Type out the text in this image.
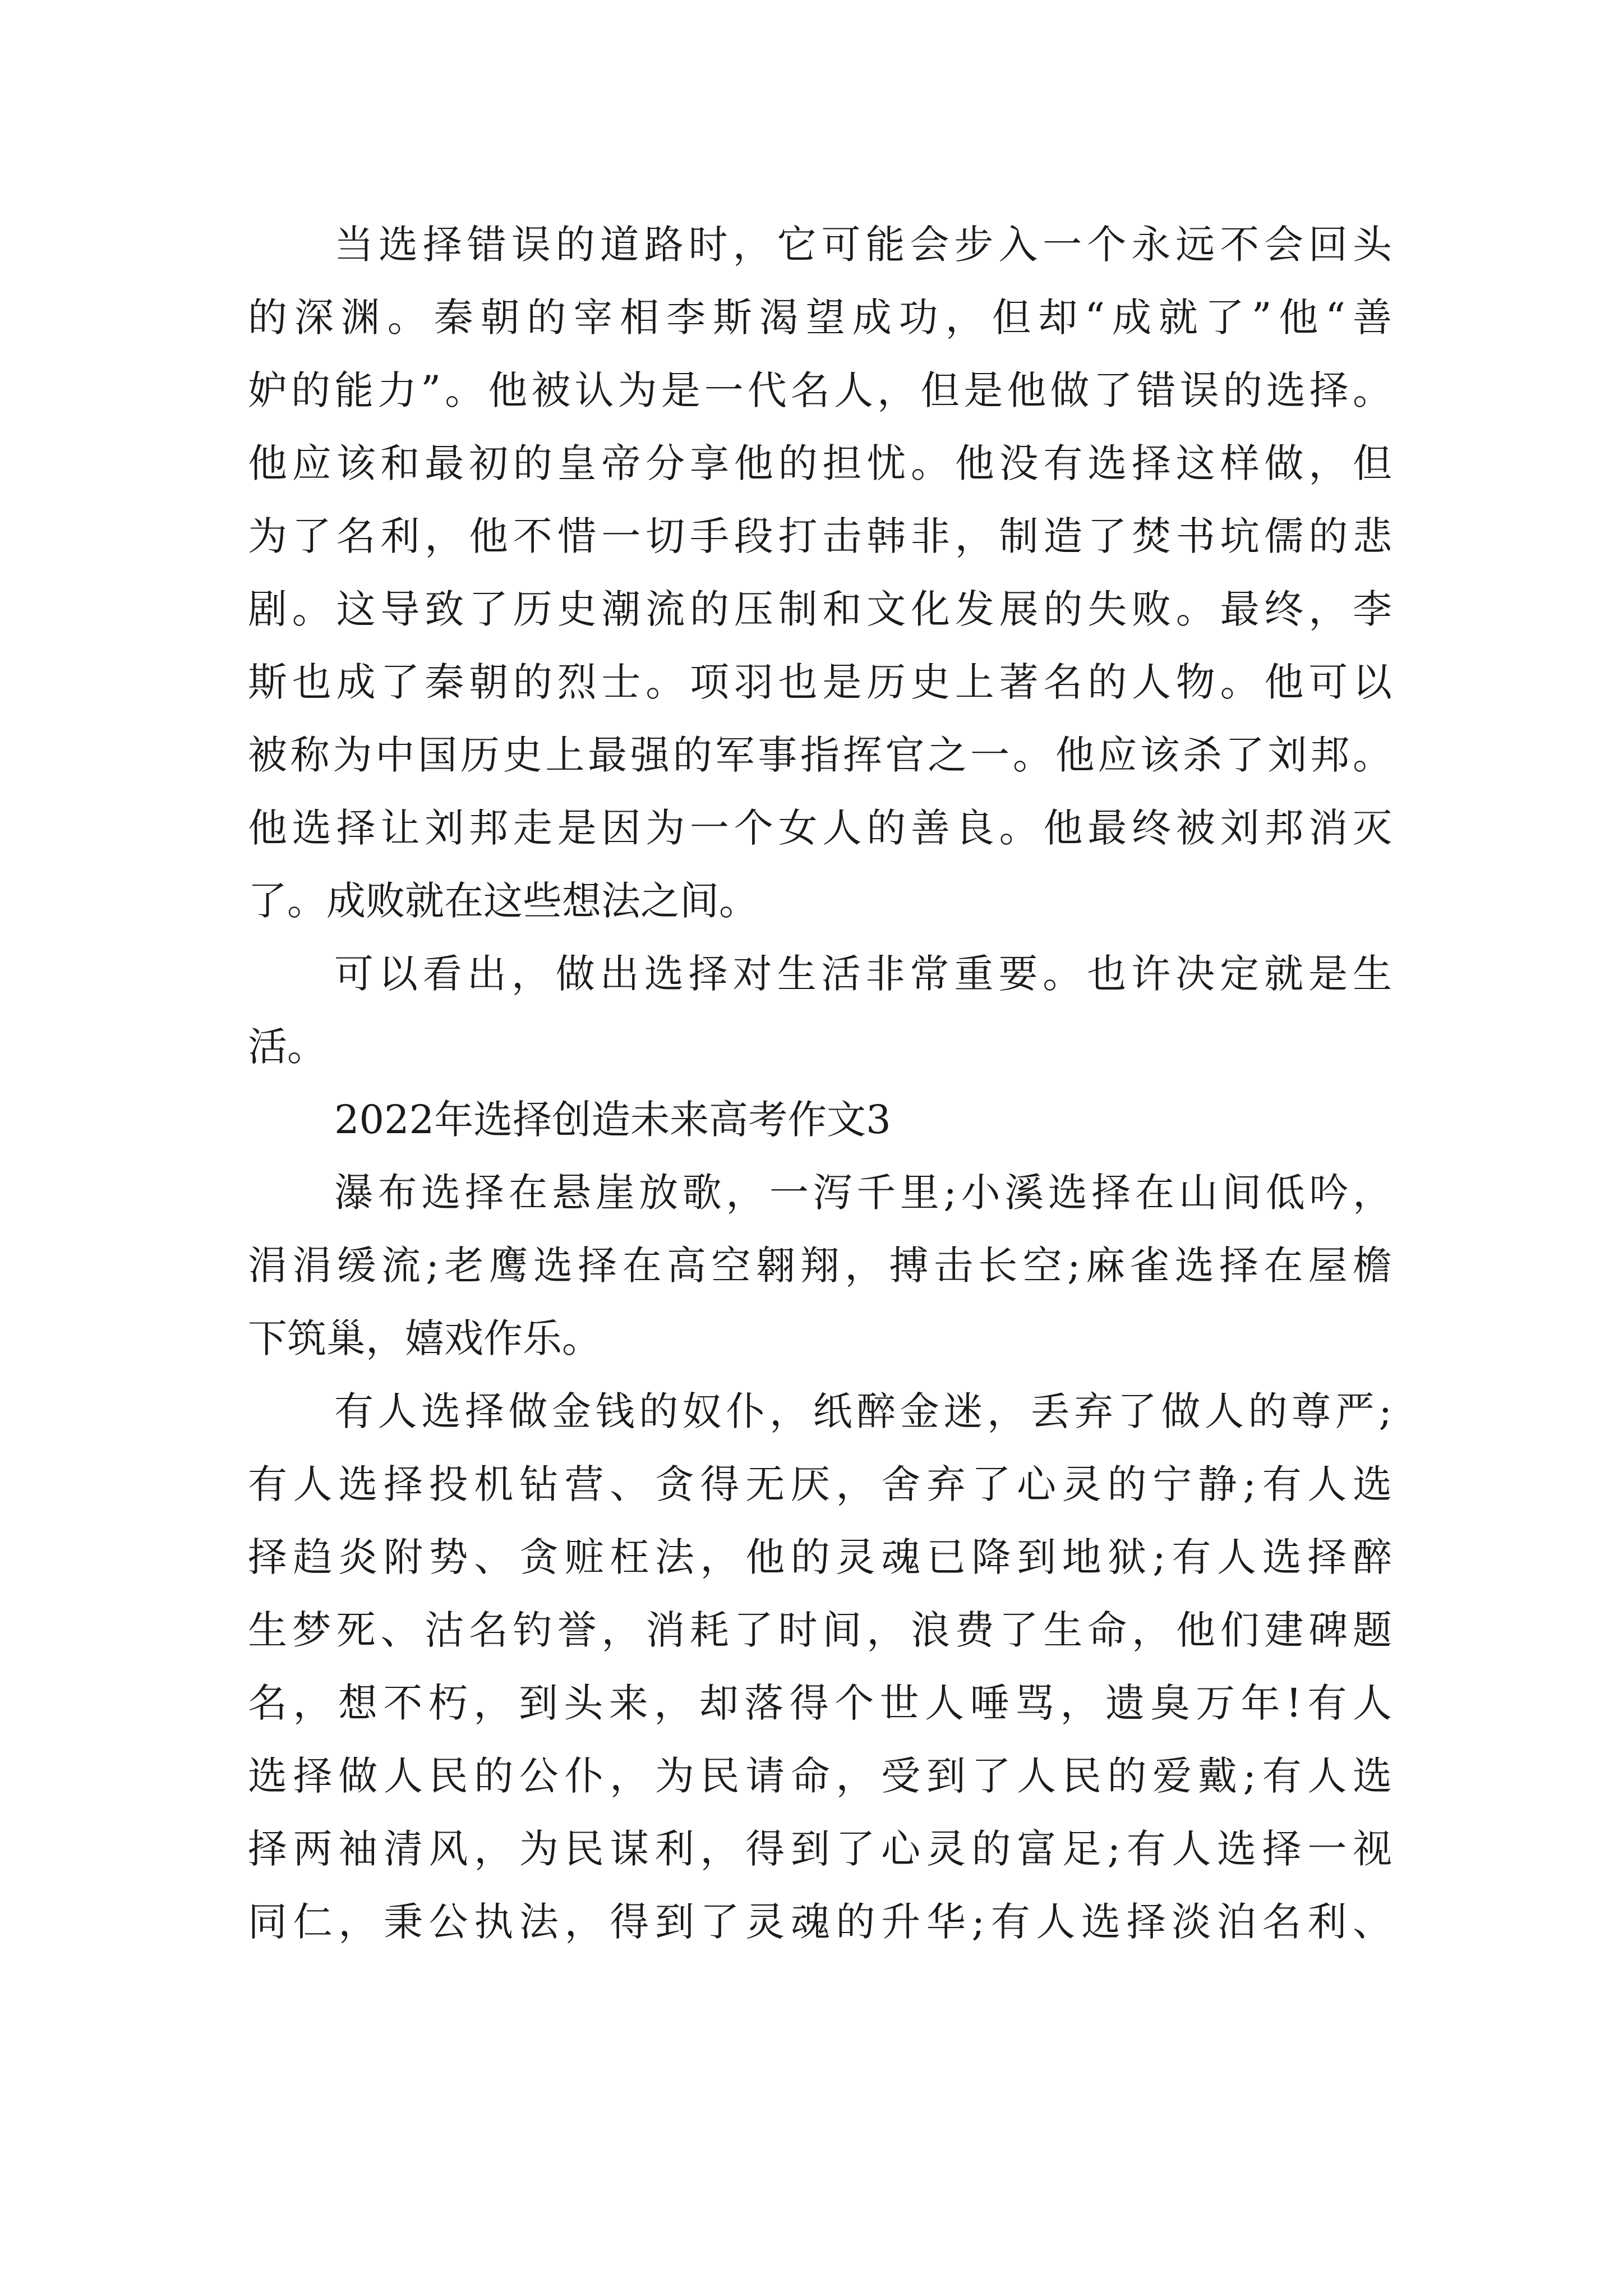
当选择错误的道路时，它可能会步入一个永远不会回头
的深渊。秦朝的宰相李斯渴望成功，但却“成就了”他“善
妒的能力”。他被认为是一代名人，但是他做了错误的选择。
他应该和最初的皇帝分享他的担忧。他没有选择这样做，但
为了名利，他不惜一切手段打击韩非，制造了焚书坑儒的悲
剧。这导致了历史潮流的压制和文化发展的失败。最终，李
斯也成了秦朝的烈士。项羽也是历史上著名的人物。他可以
被称为中国历史上最强的军事指挥官之一。他应该杀了刘邦。
他选择让刘邦走是因为一个女人的善良。他最终被刘邦消灭
了。成败就在这些想法之间。
可以看出，做出选择对生活非常重要。也许决定就是生
活。
2022年选择创造未来高考作文3
瀑布选择在悬崖放歌，一泻千里;小溪选择在山间低吟，
涓涓缓流;老鹰选择在高空翱翔，搏击长空;麻雀选择在屋檐
下筑巢，嬉戏作乐。
有人选择做金钱的奴仆，纸醉金迷，丢弃了做人的尊严;
有人选择投机钻营、贪得无厌，舍弃了心灵的宁静;有人选
择趋炎附势、贪赃枉法，他的灵魂已降到地狱;有人选择醉
生梦死、沽名钓誉，消耗了时间，浪费了生命，他们建碑题
名，想不朽，到头来，却落得个世人唾骂，遗臭万年!有人
选择做人民的公仆，为民请命，受到了人民的爱戴;有人选
择两袖清风，为民谋利，得到了心灵的富足;有人选择一视
同仁，秉公执法，得到了灵魂的升华;有人选择淡泊名利、
